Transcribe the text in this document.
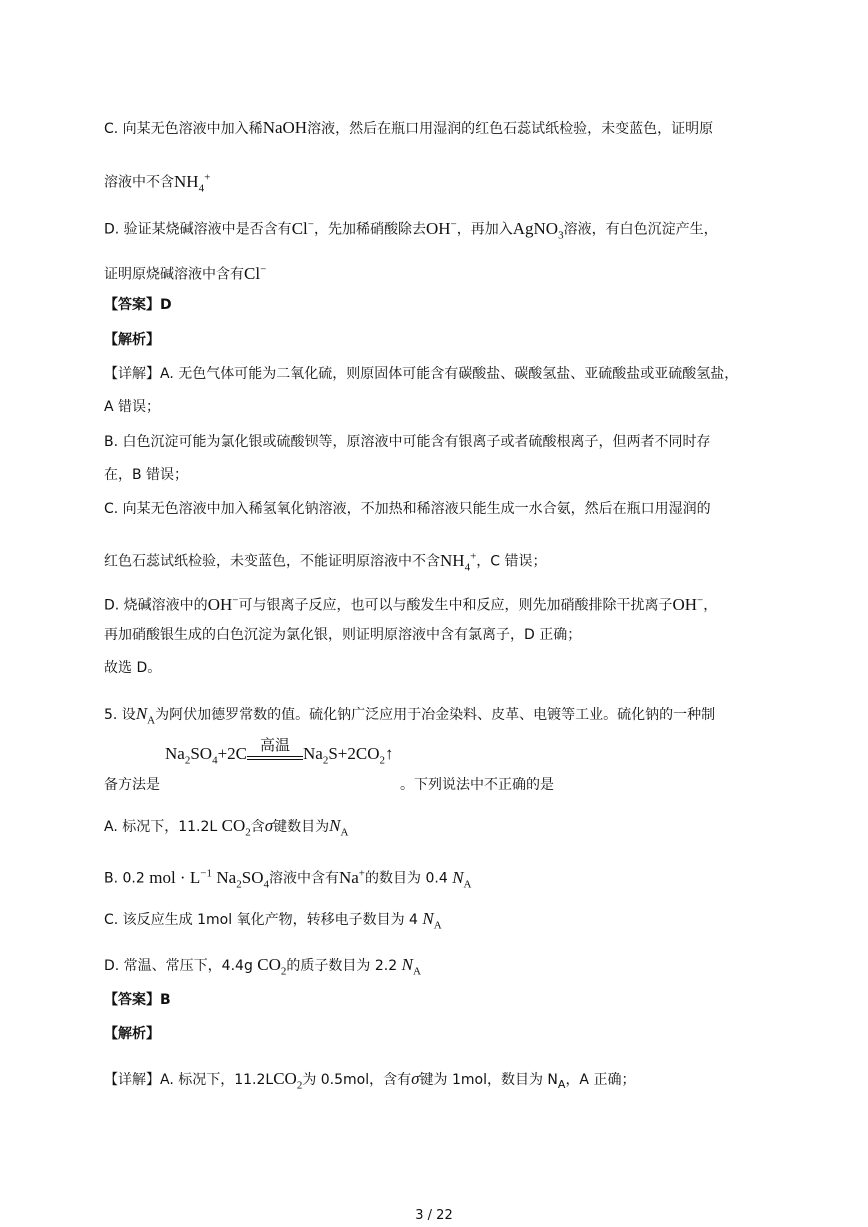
C. 向某无色溶液中加入稀NaOH溶液，然后在瓶口用湿润的红色石蕊试纸检验，未变蓝色，证明原
溶液中不含$NH_4^+$
D. 验证某烧碱溶液中是否含有Cl−，先加稀硝酸除去OH−，再加入AgNO$_3$溶液，有白色沉淀产生，
证明原烧碱溶液中含有Cl−
【答案】D
【解析】
【详解】A. 无色气体可能为二氧化硫，则原固体可能含有碳酸盐、碳酸氢盐、亚硫酸盐或亚硫酸氢盐，
A 错误；
B. 白色沉淀可能为氯化银或硫酸钡等，原溶液中可能含有银离子或者硫酸根离子，但两者不同时存
在，B 错误；
C. 向某无色溶液中加入稀氢氧化钠溶液，不加热和稀溶液只能生成一水合氨，然后在瓶口用湿润的
红色石蕊试纸检验，未变蓝色，不能证明原溶液中不含$NH_4^+$，C 错误；
D. 烧碱溶液中的OH−可与银离子反应，也可以与酸发生中和反应，则先加硝酸排除干扰离子OH−，
再加硝酸银生成的白色沉淀为氯化银，则证明原溶液中含有氯离子，D 正确；
故选 D。
5. 设$N_A$为阿伏加德罗常数的值。硫化钠广泛应用于冶金染料、皮革、电镀等工业。硫化钠的一种制
$Na_2SO_4+2C$ 高温 $Na_2S+2CO_2↑$
备方法是	。下列说法中不正确的是
A. 标况下，11.2L $CO_2$含σ键数目为$N_A$
B. 0.2 mol · $L^{-1}$ $Na_2SO_4$溶液中含有Na+的数目为 0.4 $N_A$
C. 该反应生成 1mol 氧化产物，转移电子数目为 4 $N_A$
D. 常温、常压下，4.4g $CO_2$的质子数目为 2.2 $N_A$
【答案】B
【解析】
【详解】A. 标况下，$11.2LCO_2$为 0.5mol，含有σ键为 1mol，数目为 $N_A$，A 正确；
3 / 22
